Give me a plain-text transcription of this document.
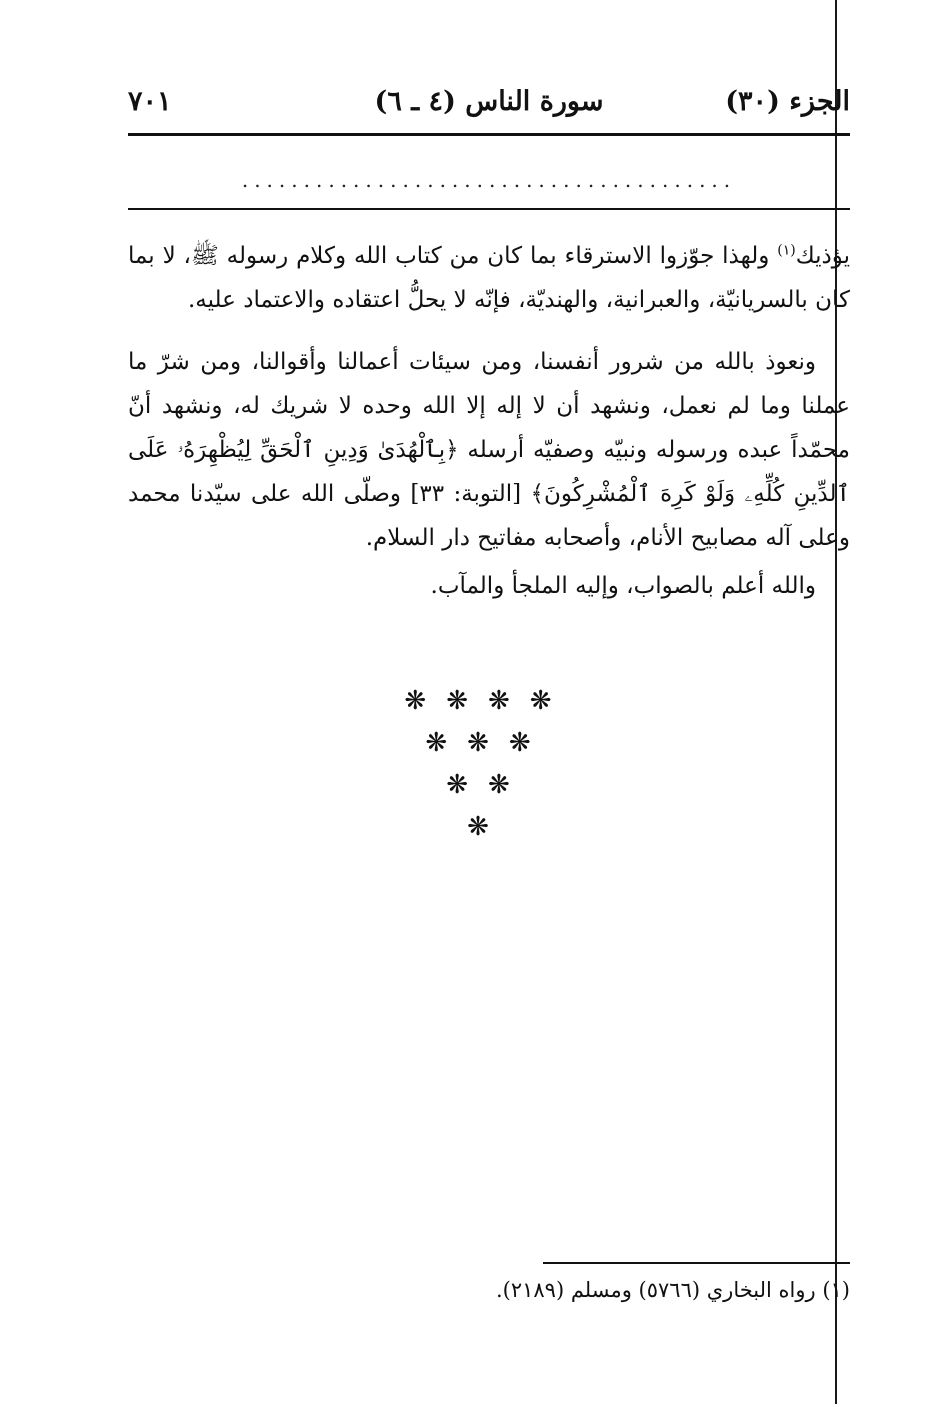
الجزء (٣٠)
سورة الناس (٤ ـ ٦)
٧٠١
........................................

يؤذيك$^{(١)}$ ولهذا جوّزوا الاسترقاء بما كان من كتاب الله وكلام رسوله ﷺ، لا بما كان بالسريانيّة، والعبرانية، والهنديّة، فإنّه لا يحلُّ اعتقاده والاعتماد عليه.

ونعوذ بالله من شرور أنفسنا، ومن سيئات أعمالنا وأقوالنا، ومن شرّ ما عملنا وما لم نعمل، ونشهد أن لا إله إلا الله وحده لا شريك له، ونشهد أنّ محمّداً عبده ورسوله ونبيّه وصفيّه أرسله ﴿بِٱلْهُدَىٰ وَدِينِ ٱلْحَقِّ لِيُظْهِرَهُۥ عَلَى ٱلدِّينِ كُلِّهِۦ وَلَوْ كَرِهَ ٱلْمُشْرِكُونَ﴾ [التوبة: ٣٣] وصلّى الله على سيّدنا محمد وعلى آله مصابيح الأنام، وأصحابه مفاتيح دار السلام.

والله أعلم بالصواب، وإليه الملجأ والمآب.

❋❋❋❋
❋❋❋
❋❋
❋
(١) رواه البخاري (٥٧٦٦) ومسلم (٢١٨٩).
